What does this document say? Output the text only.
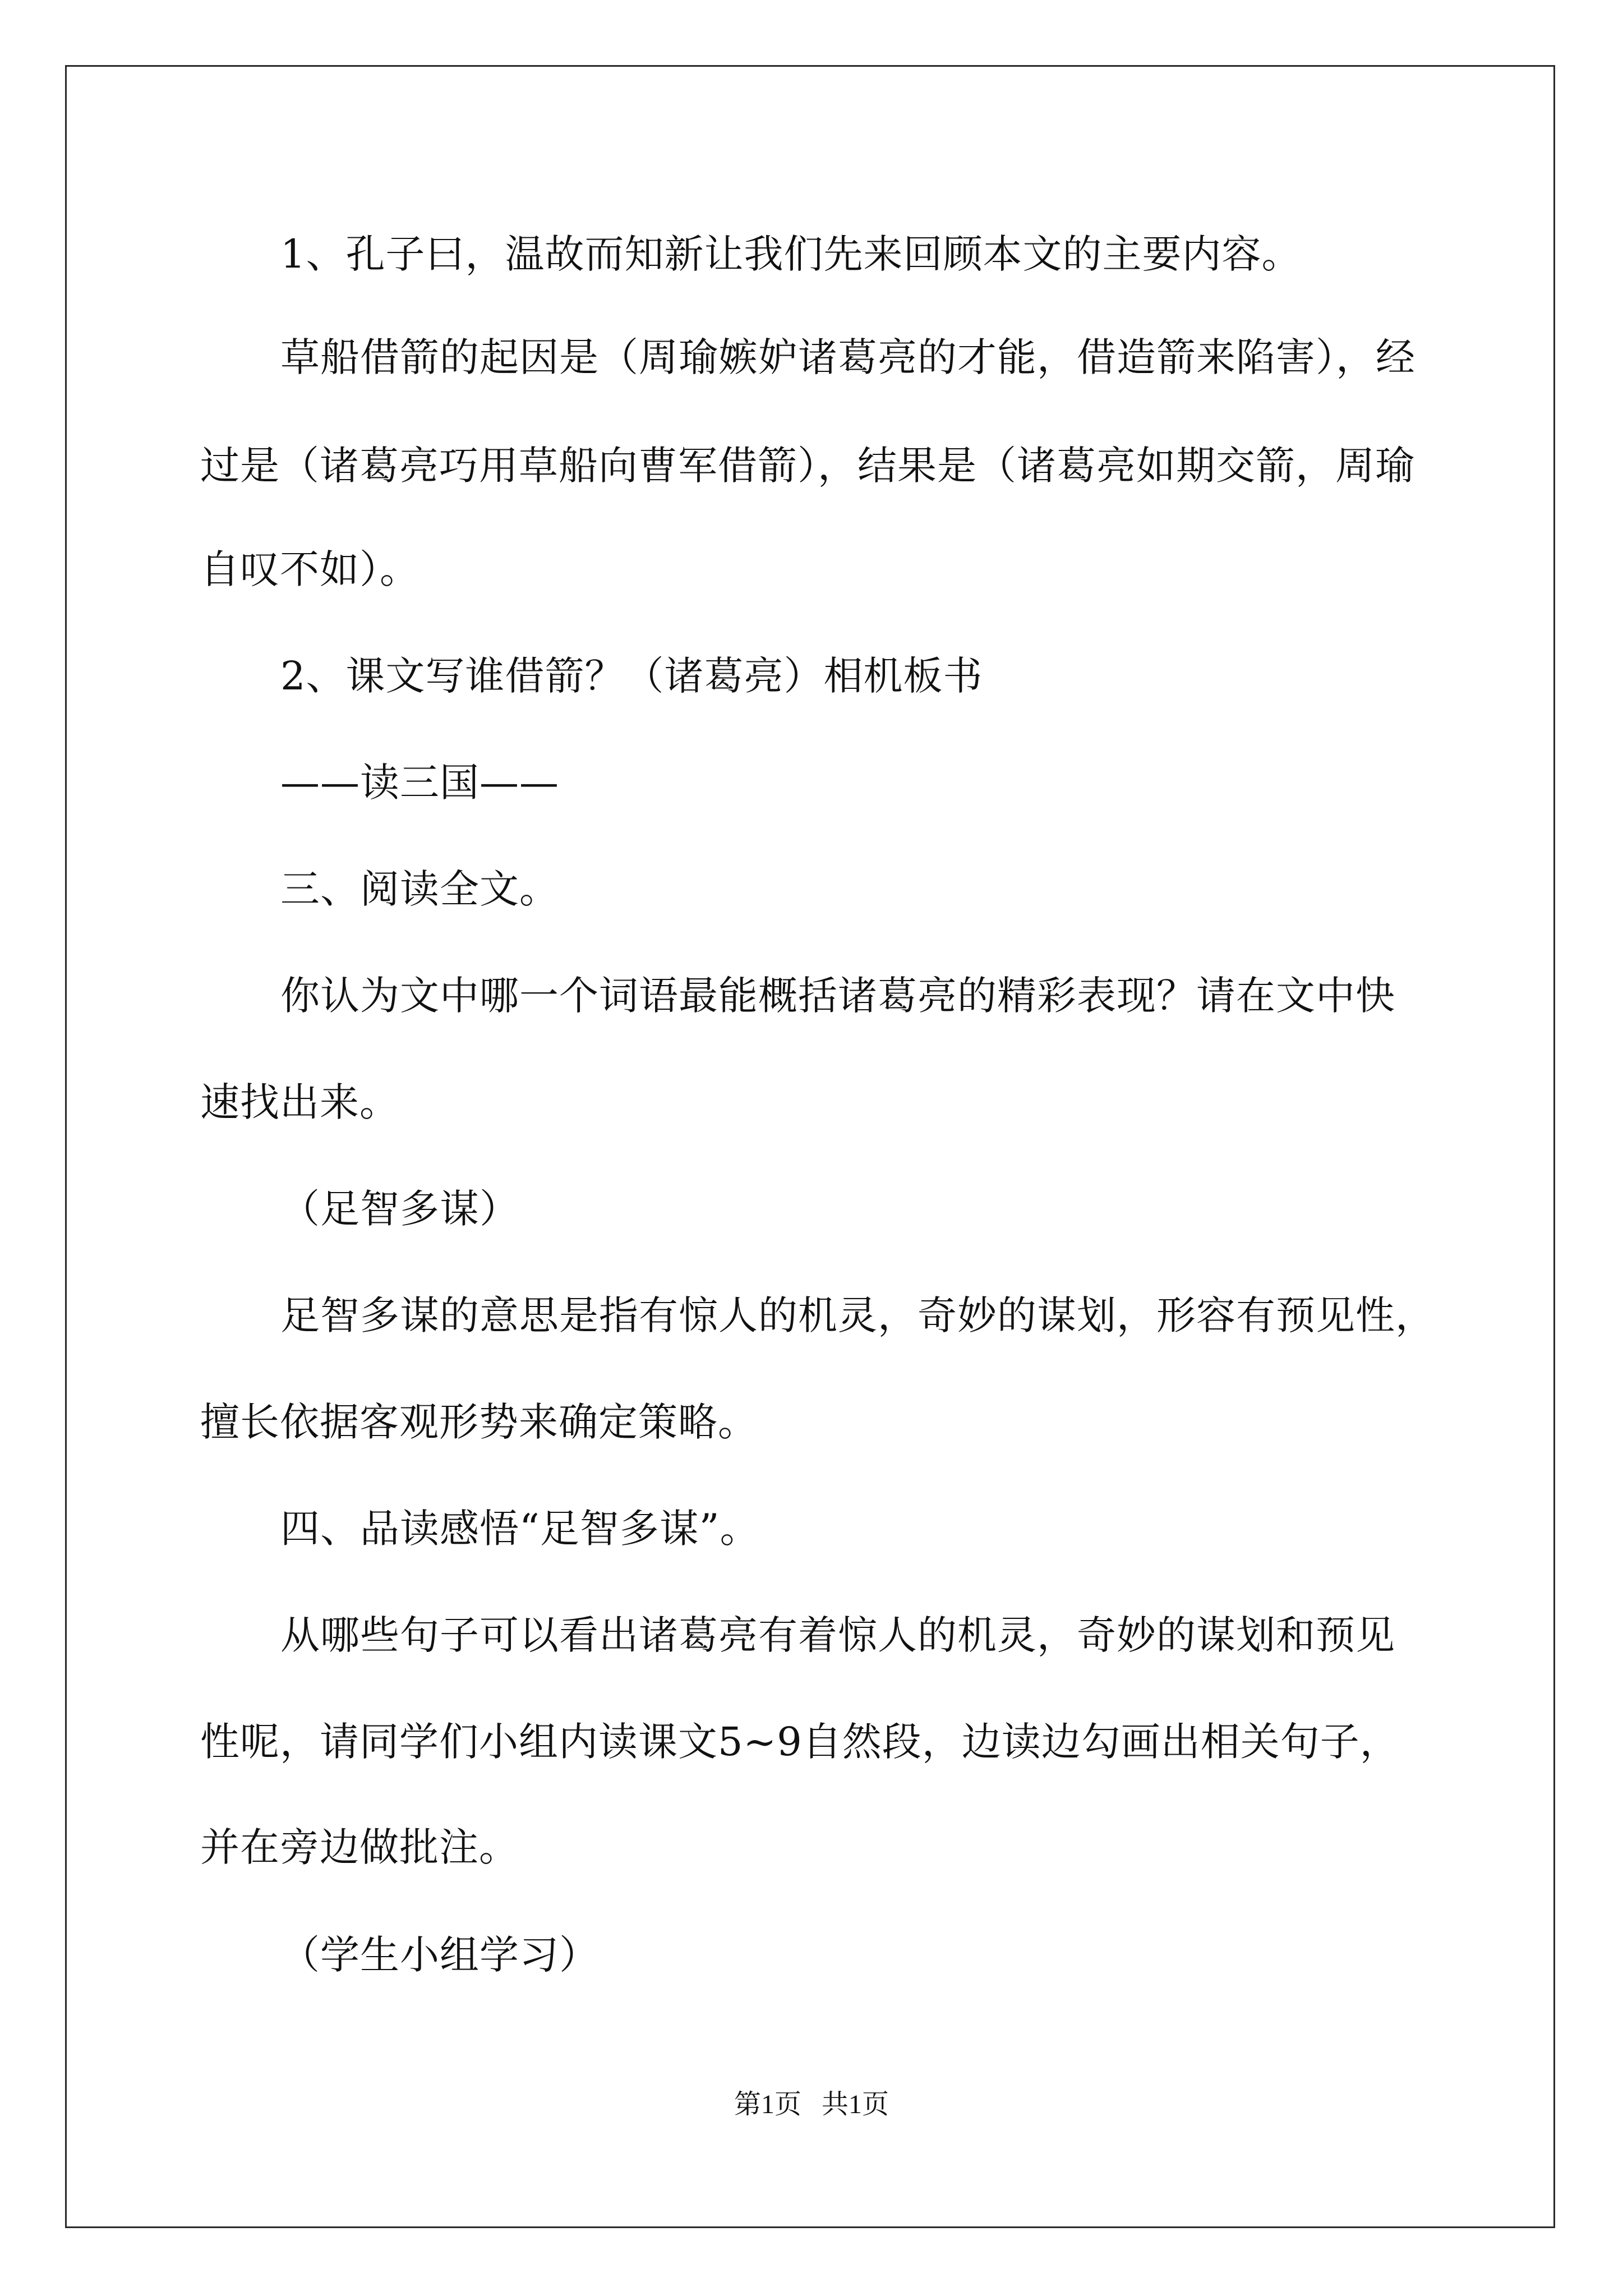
1、孔子曰，温故而知新让我们先来回顾本文的主要内容。
草船借箭的起因是（周瑜嫉妒诸葛亮的才能，借造箭来陷害），经
过是（诸葛亮巧用草船向曹军借箭），结果是（诸葛亮如期交箭，周瑜
自叹不如）。
2、课文写谁借箭？（诸葛亮）相机板书
——读三国——
三、阅读全文。
你认为文中哪一个词语最能概括诸葛亮的精彩表现？请在文中快
速找出来。
（足智多谋）
足智多谋的意思是指有惊人的机灵，奇妙的谋划，形容有预见性，
擅长依据客观形势来确定策略。
四、品读感悟“足智多谋”。
从哪些句子可以看出诸葛亮有着惊人的机灵，奇妙的谋划和预见
性呢，请同学们小组内读课文5~9自然段，边读边勾画出相关句子，
并在旁边做批注。
（学生小组学习）
第1页   共1页
